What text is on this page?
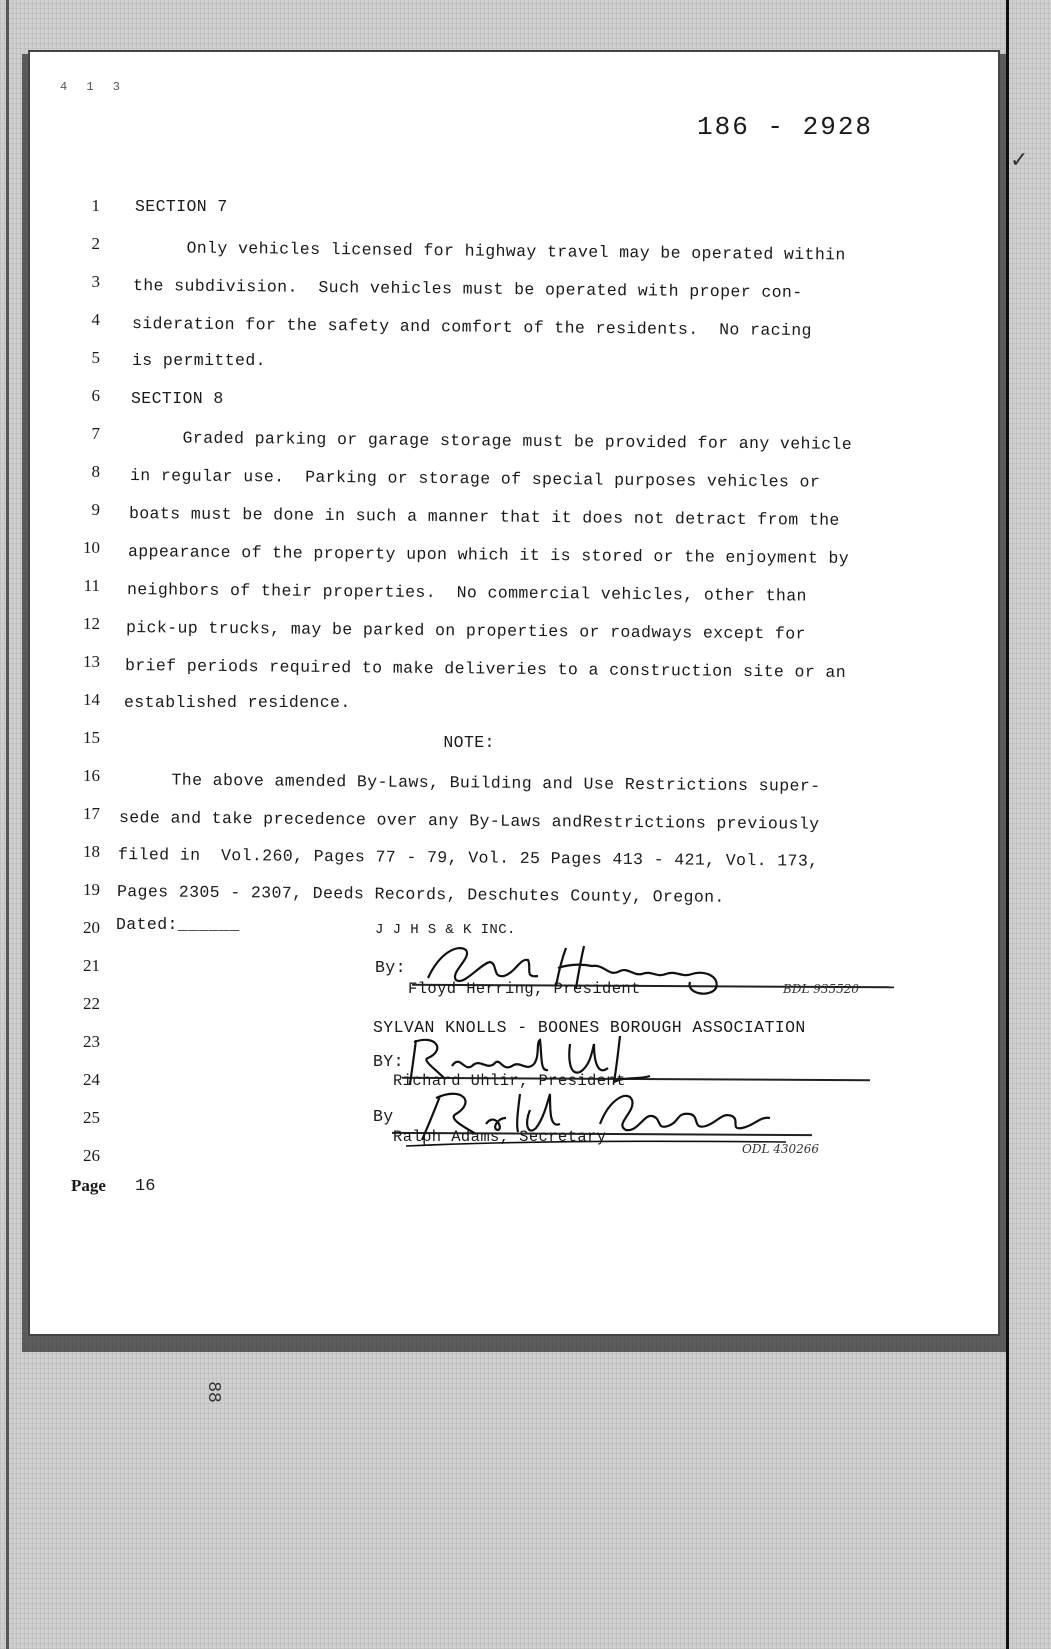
4 1 3
186 - 2928
1
2
3
4
5
6
7
8
9
10
11
12
13
14
15
16
17
18
19
20
21
22
23
24
25
26
SECTION 7
Only vehicles licensed for highway travel may be operated within
the subdivision.  Such vehicles must be operated with proper con-
sideration for the safety and comfort of the residents.  No racing
is permitted.
SECTION 8
Graded parking or garage storage must be provided for any vehicle
in regular use.  Parking or storage of special purposes vehicles or
boats must be done in such a manner that it does not detract from the
appearance of the property upon which it is stored or the enjoyment by
neighbors of their properties.  No commercial vehicles, other than
pick-up trucks, may be parked on properties or roadways except for
brief periods required to make deliveries to a construction site or an
established residence.
NOTE:
The above amended By-Laws, Building and Use Restrictions super-
sede and take precedence over any By-Laws andRestrictions previously
filed in  Vol.260, Pages 77 - 79, Vol. 25 Pages 413 - 421, Vol. 173,
Pages 2305 - 2307, Deeds Records, Deschutes County, Oregon.
Dated:______	J J H S & K INC.
By:
Floyd Herring, President	BDL 935520
SYLVAN KNOLLS - BOONES BOROUGH ASSOCIATION
BY:
Richard Uhlir, President
By
Ralph Adams, Secretary
ODL 430266
Page 16
✓
88
